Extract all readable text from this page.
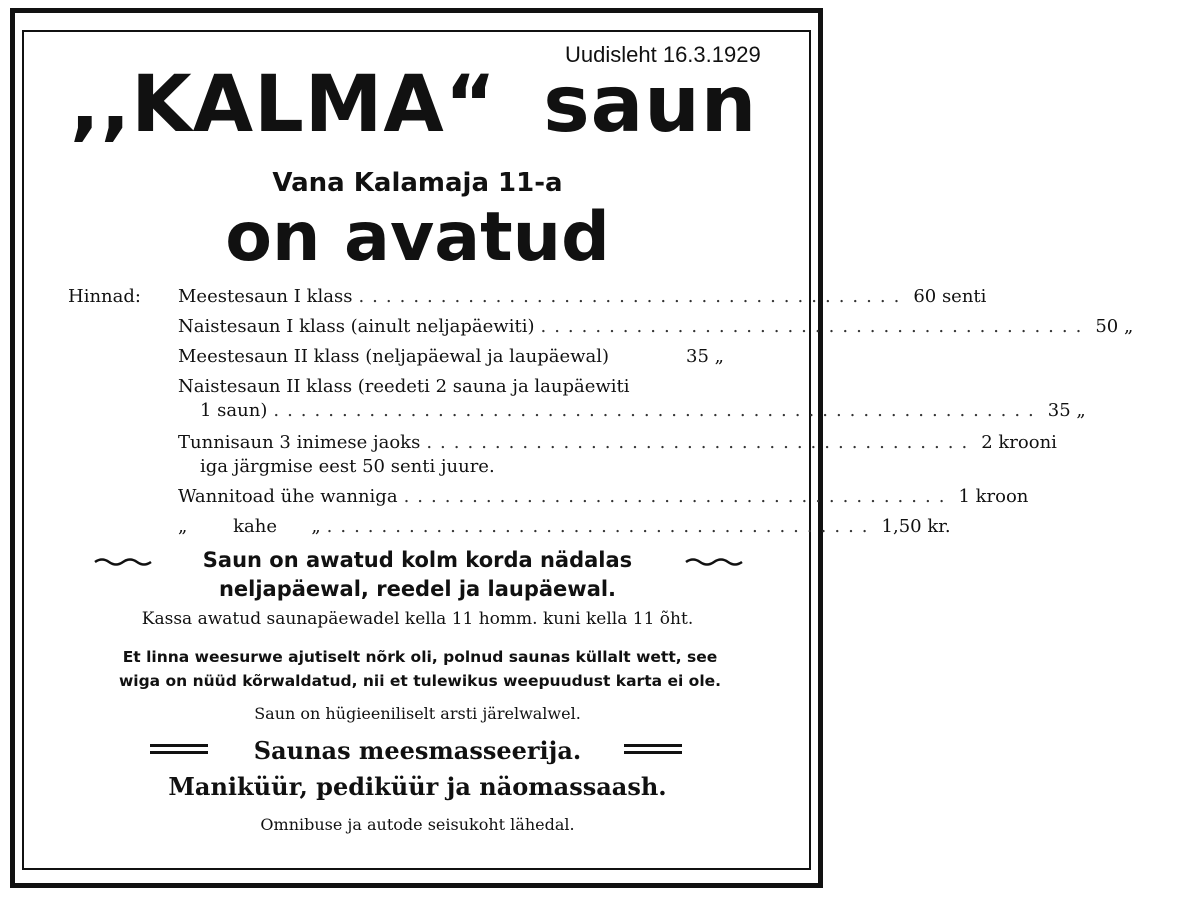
Uudisleht 16.3.1929
,,KALMA“ saun
Vana Kalamaja 11-a
on avatud
Hinnad: Meestesaun I klass ........................................ 60 senti
Naistesaun I klass (ainult neljapäewiti) ........................................ 50 „
Meestesaun II klass (neljapäewal ja laupäewal)
	35 „
Naistesaun II klass (reedeti 2 sauna ja laupäewiti
1 saun) ........................................................ 35 „
Tunnisaun 3 inimese jaoks ........................................ 2 krooni
iga järgmise eest 50 senti juure.
Wannitoad ühe wanniga ........................................ 1 kroon
„        kahe      „ ........................................ 1,50 kr.
Saun on awatud kolm korda nädalas
neljapäewal, reedel ja laupäewal.
Kassa awatud saunapäewadel kella 11 homm. kuni kella 11 õht.
Et linna weesurwe ajutiselt nõrk oli, polnud saunas küllalt wett, see
wiga on nüüd kõrwaldatud, nii et tulewikus weepuudust karta ei ole.
Saun on hügieeniliselt arsti järelwalwel.
Saunas meesmasseerija.
Maniküür, pediküür ja näomassaash.
Omnibuse ja autode seisukoht lähedal.
